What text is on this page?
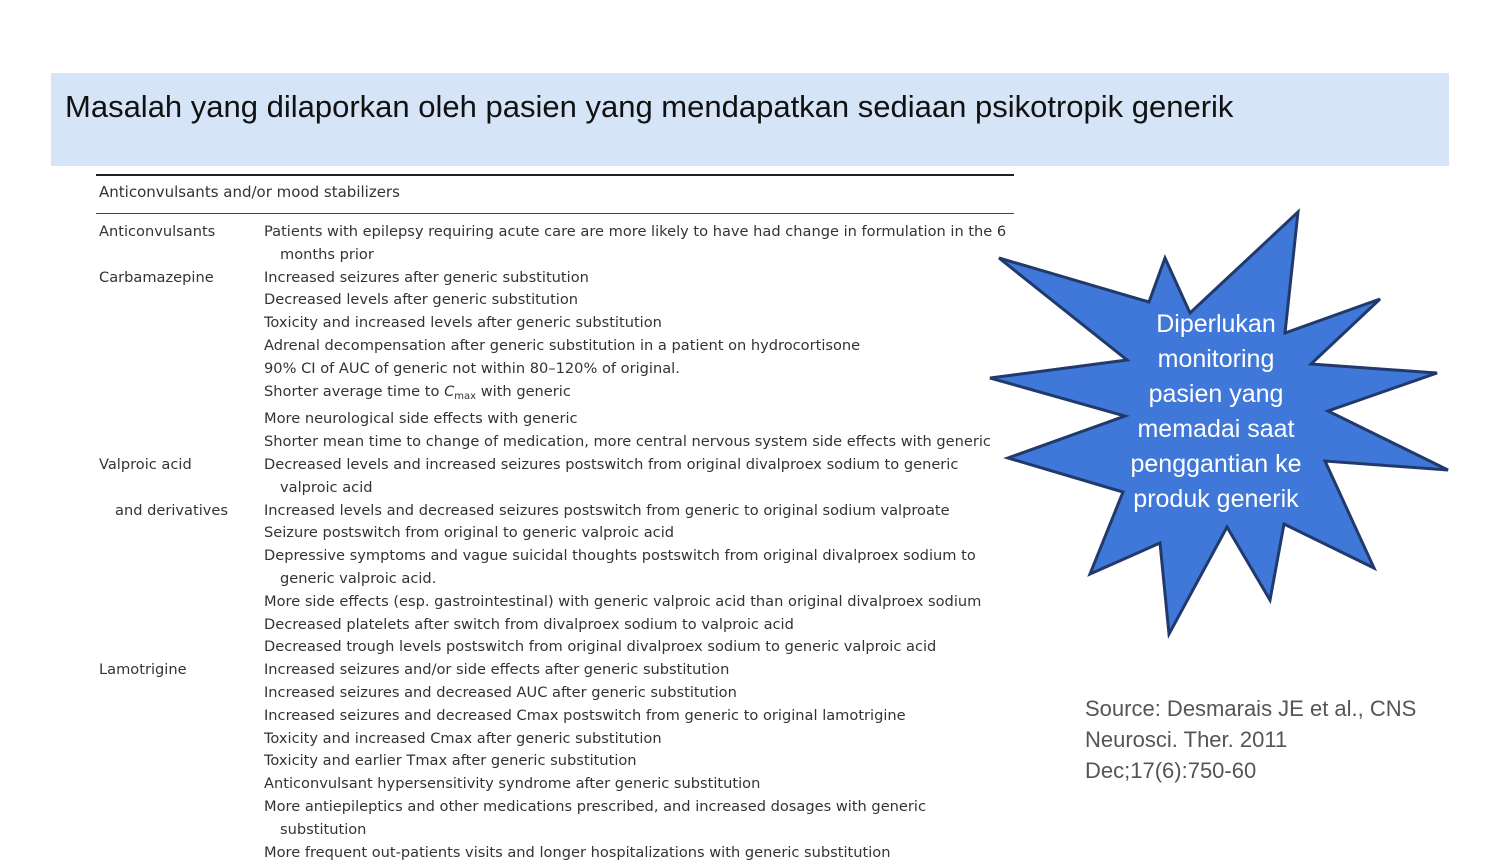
Masalah yang dilaporkan oleh pasien yang mendapatkan sediaan psikotropik generik
Anticonvulsants and/or mood stabilizers
Anticonvulsants	Patients with epilepsy requiring acute care are more likely to have had change in formulation in the 6 months prior
Carbamazepine	Increased seizures after generic substitution
Decreased levels after generic substitution
Toxicity and increased levels after generic substitution
Adrenal decompensation after generic substitution in a patient on hydrocortisone
90% CI of AUC of generic not within 80–120% of original.
Shorter average time to $C_{max}$ with generic
More neurological side effects with generic
Shorter mean time to change of medication, more central nervous system side effects with generic
Valproic acid	Decreased levels and increased seizures postswitch from original divalproex sodium to generic valproic acid
and derivatives	Increased levels and decreased seizures postswitch from generic to original sodium valproate
Seizure postswitch from original to generic valproic acid
Depressive symptoms and vague suicidal thoughts postswitch from original divalproex sodium to generic valproic acid.
More side effects (esp. gastrointestinal) with generic valproic acid than original divalproex sodium
Decreased platelets after switch from divalproex sodium to valproic acid
Decreased trough levels postswitch from original divalproex sodium to generic valproic acid
Lamotrigine	Increased seizures and/or side effects after generic substitution
Increased seizures and decreased AUC after generic substitution
Increased seizures and decreased Cmax postswitch from generic to original lamotrigine
Toxicity and increased Cmax after generic substitution
Toxicity and earlier Tmax after generic substitution
Anticonvulsant hypersensitivity syndrome after generic substitution
More antiepileptics and other medications prescribed, and increased dosages with generic substitution
More frequent out-patients visits and longer hospitalizations with generic substitution
Diperlukan
monitoring
pasien yang
memadai saat
penggantian ke
produk generik
Source: Desmarais JE et al., CNS
Neurosci. Ther. 2011
Dec;17(6):750-60
